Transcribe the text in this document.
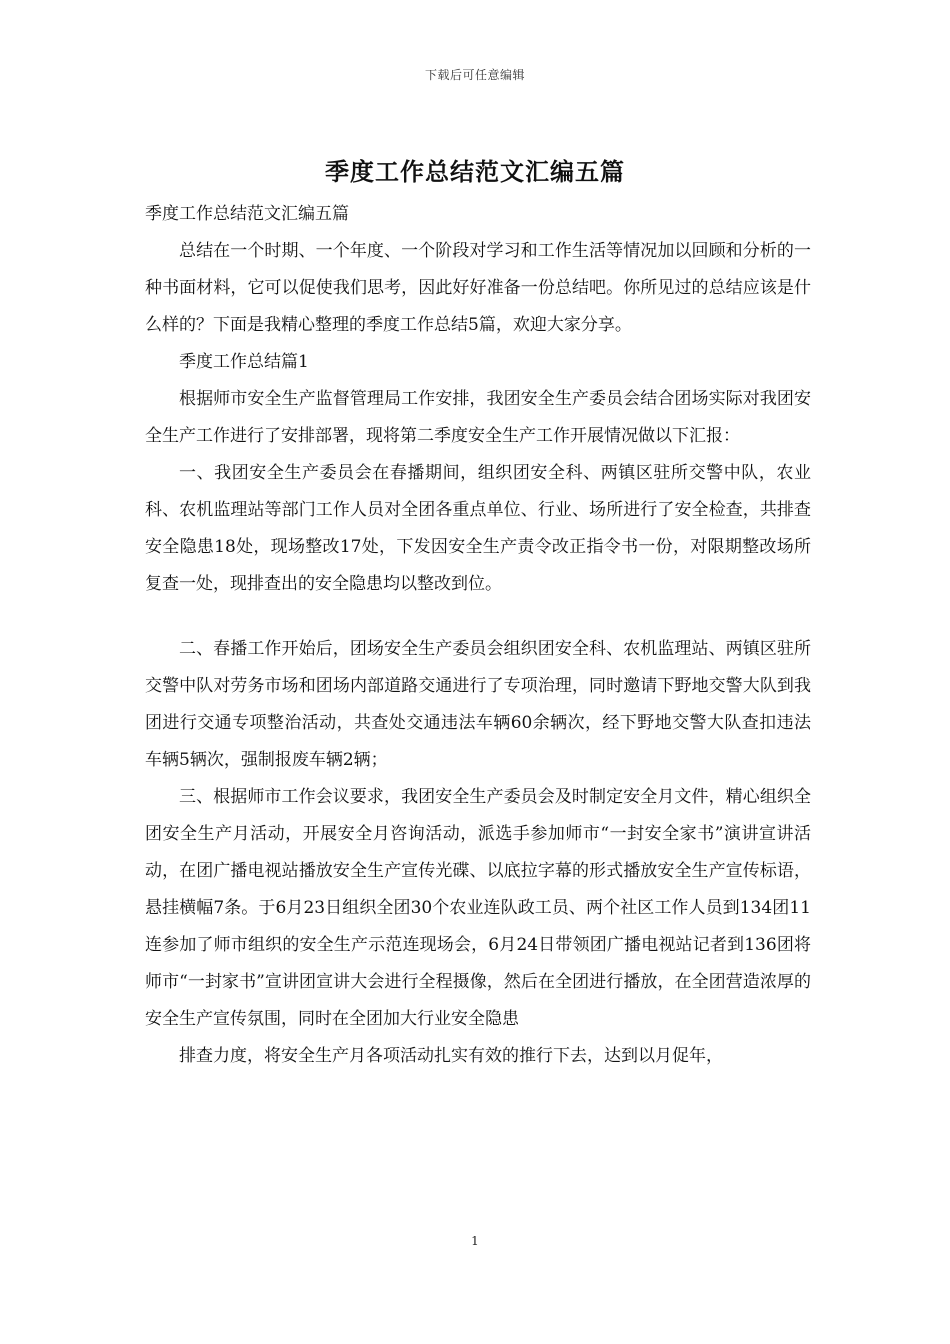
下载后可任意编辑
季度工作总结范文汇编五篇

季度工作总结范文汇编五篇

总结在一个时期、一个年度、一个阶段对学习和工作生活等情况加以回顾和分析的一种书面材料，它可以促使我们思考，因此好好准备一份总结吧。你所见过的总结应该是什么样的？下面是我精心整理的季度工作总结5篇，欢迎大家分享。

季度工作总结篇1

根据师市安全生产监督管理局工作安排，我团安全生产委员会结合团场实际对我团安全生产工作进行了安排部署，现将第二季度安全生产工作开展情况做以下汇报：

一、我团安全生产委员会在春播期间，组织团安全科、两镇区驻所交警中队，农业科、农机监理站等部门工作人员对全团各重点单位、行业、场所进行了安全检查，共排查安全隐患18处，现场整改17处，下发因安全生产责令改正指令书一份，对限期整改场所复查一处，现排查出的安全隐患均以整改到位。

二、春播工作开始后，团场安全生产委员会组织团安全科、农机监理站、两镇区驻所交警中队对劳务市场和团场内部道路交通进行了专项治理，同时邀请下野地交警大队到我团进行交通专项整治活动，共查处交通违法车辆60余辆次，经下野地交警大队查扣违法车辆5辆次，强制报废车辆2辆；

三、根据师市工作会议要求，我团安全生产委员会及时制定安全月文件，精心组织全团安全生产月活动，开展安全月咨询活动，派选手参加师市“一封安全家书”演讲宣讲活动，在团广播电视站播放安全生产宣传光碟、以底拉字幕的形式播放安全生产宣传标语，悬挂横幅7条。于6月23日组织全团30个农业连队政工员、两个社区工作人员到134团11连参加了师市组织的安全生产示范连现场会，6月24日带领团广播电视站记者到136团将师市“一封家书”宣讲团宣讲大会进行全程摄像，然后在全团进行播放，在全团营造浓厚的安全生产宣传氛围，同时在全团加大行业安全隐患

排查力度，将安全生产月各项活动扎实有效的推行下去，达到以月促年，

1
